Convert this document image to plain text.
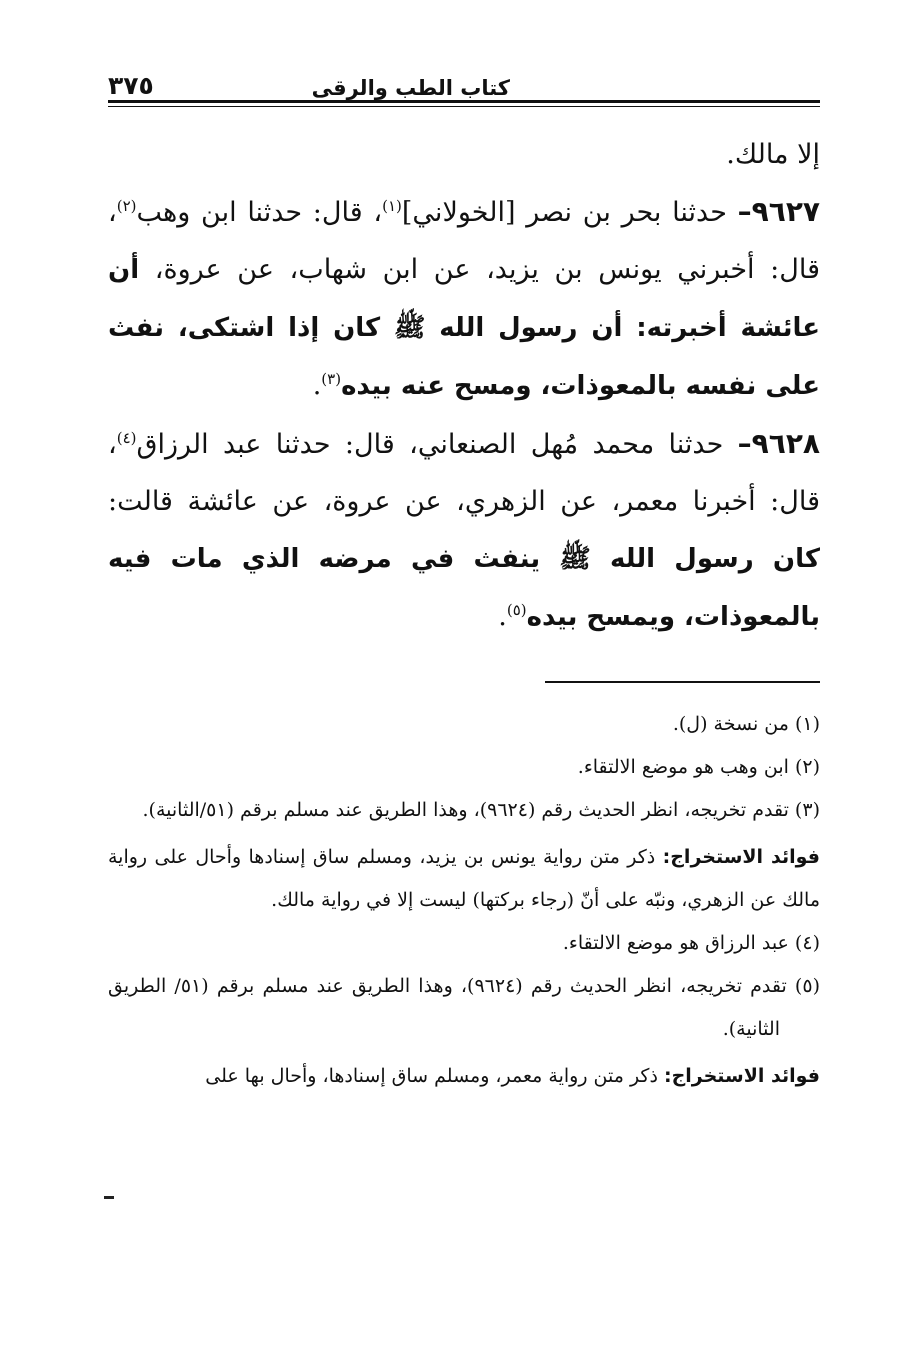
كتاب الطب والرقى
٣٧٥

إلا مالك.

٩٦٢٧– حدثنا بحر بن نصر [الخولاني]$^{(١)}$، قال: حدثنا ابن وهب$^{(٢)}$، قال: أخبرني يونس بن يزيد، عن ابن شهاب، عن عروة، أن عائشة أخبرته: أن رسول الله ﷺ كان إذا اشتكى، نفث على نفسه بالمعوذات، ومسح عنه بيده$^{(٣)}$.

٩٦٢٨– حدثنا محمد مُهل الصنعاني، قال: حدثنا عبد الرزاق$^{(٤)}$، قال: أخبرنا معمر، عن الزهري، عن عروة، عن عائشة قالت: كان رسول الله ﷺ ينفث في مرضه الذي مات فيه بالمعوذات، ويمسح بيده$^{(٥)}$.

(١) من نسخة (ل).

(٢) ابن وهب هو موضع الالتقاء.

(٣) تقدم تخريجه، انظر الحديث رقم (٩٦٢٤)، وهذا الطريق عند مسلم برقم (٥١/الثانية).

فوائد الاستخراج: ذكر متن رواية يونس بن يزيد، ومسلم ساق إسنادها وأحال على رواية مالك عن الزهري، ونبّه على أنّ (رجاء بركتها) ليست إلا في رواية مالك.

(٤) عبد الرزاق هو موضع الالتقاء.

(٥) تقدم تخريجه، انظر الحديث رقم (٩٦٢٤)، وهذا الطريق عند مسلم برقم (٥١/ الطريق الثانية).

فوائد الاستخراج: ذكر متن رواية معمر، ومسلم ساق إسنادها، وأحال بها على
